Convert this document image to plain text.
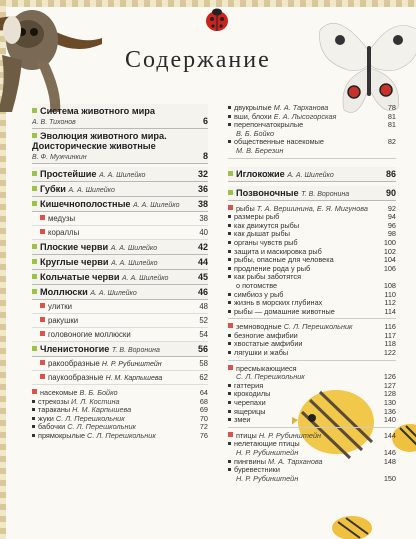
Содержание
Система животного мира
А. В. Тихонов	6
Эволюция животного мира. Доисторические животные
В. Ф. Мужчинкин	8
Простейшие А. А. Шилейко	32
Губки А. А. Шилейко	36
Кишечнополостные А. А. Шилейко 38
медузы	38
кораллы	40
Плоские черви А. А. Шилейко	42
Круглые черви А. А. Шилейко	44
Кольчатые черви А. А. Шилейко	45
Моллюски А. А. Шилейко	46
улитки	48
ракушки	52
головоногие моллюски	54
Членистоногие Т. В. Воронина	56
ракообразные Н. Р. Рубинштейн	58
паукообразные Н. М. Карпышева	62
насекомые В. Б. Бойко	64
стрекозы И. Л. Костина	68
тараканы Н. М. Карпышева	69
жуки С. Л. Перешкольник	70
бабочки С. Л. Перешкольник	72
прямокрылые С. Л. Перешкольник	76
двукрылые М. А. Тарханова	78
вши, блохи Е. А. Лысогорская	81
перепончатокрылые	81
В. Б. Бойко
общественные насекомые	82
М. В. Березин
Иглокожие А. А. Шилейко	86
Позвоночные Т. В. Воронина	90
рыбы Т. А. Вершинина, Е. Я. Мигунова	92
размеры рыб	94
как движутся рыбы	96
как дышат рыбы	98
органы чувств рыб	100
защита и маскировка рыб	102
рыбы, опасные для человека	104
продление рода у рыб	106
как рыбы заботятся
о потомстве	108
симбиоз у рыб	110
жизнь в морских глубинах	112
рыбы — домашние животные	114
земноводные С. Л. Перешкольник	116
безногие амфибии	117
хвостатые амфибии	118
лягушки и жабы	122
пресмыкающиеся
С. Л. Перешкольник	126
гаттерия	127
крокодилы	128
черепахи	130
ящерицы	136
змеи	140
птицы Н. Р. Рубинштейн	144
нелетающие птицы
Н. Р. Рубинштейн	146
пингвины М. А. Тарханова	148
буревестники
Н. Р. Рубинштейн	150
